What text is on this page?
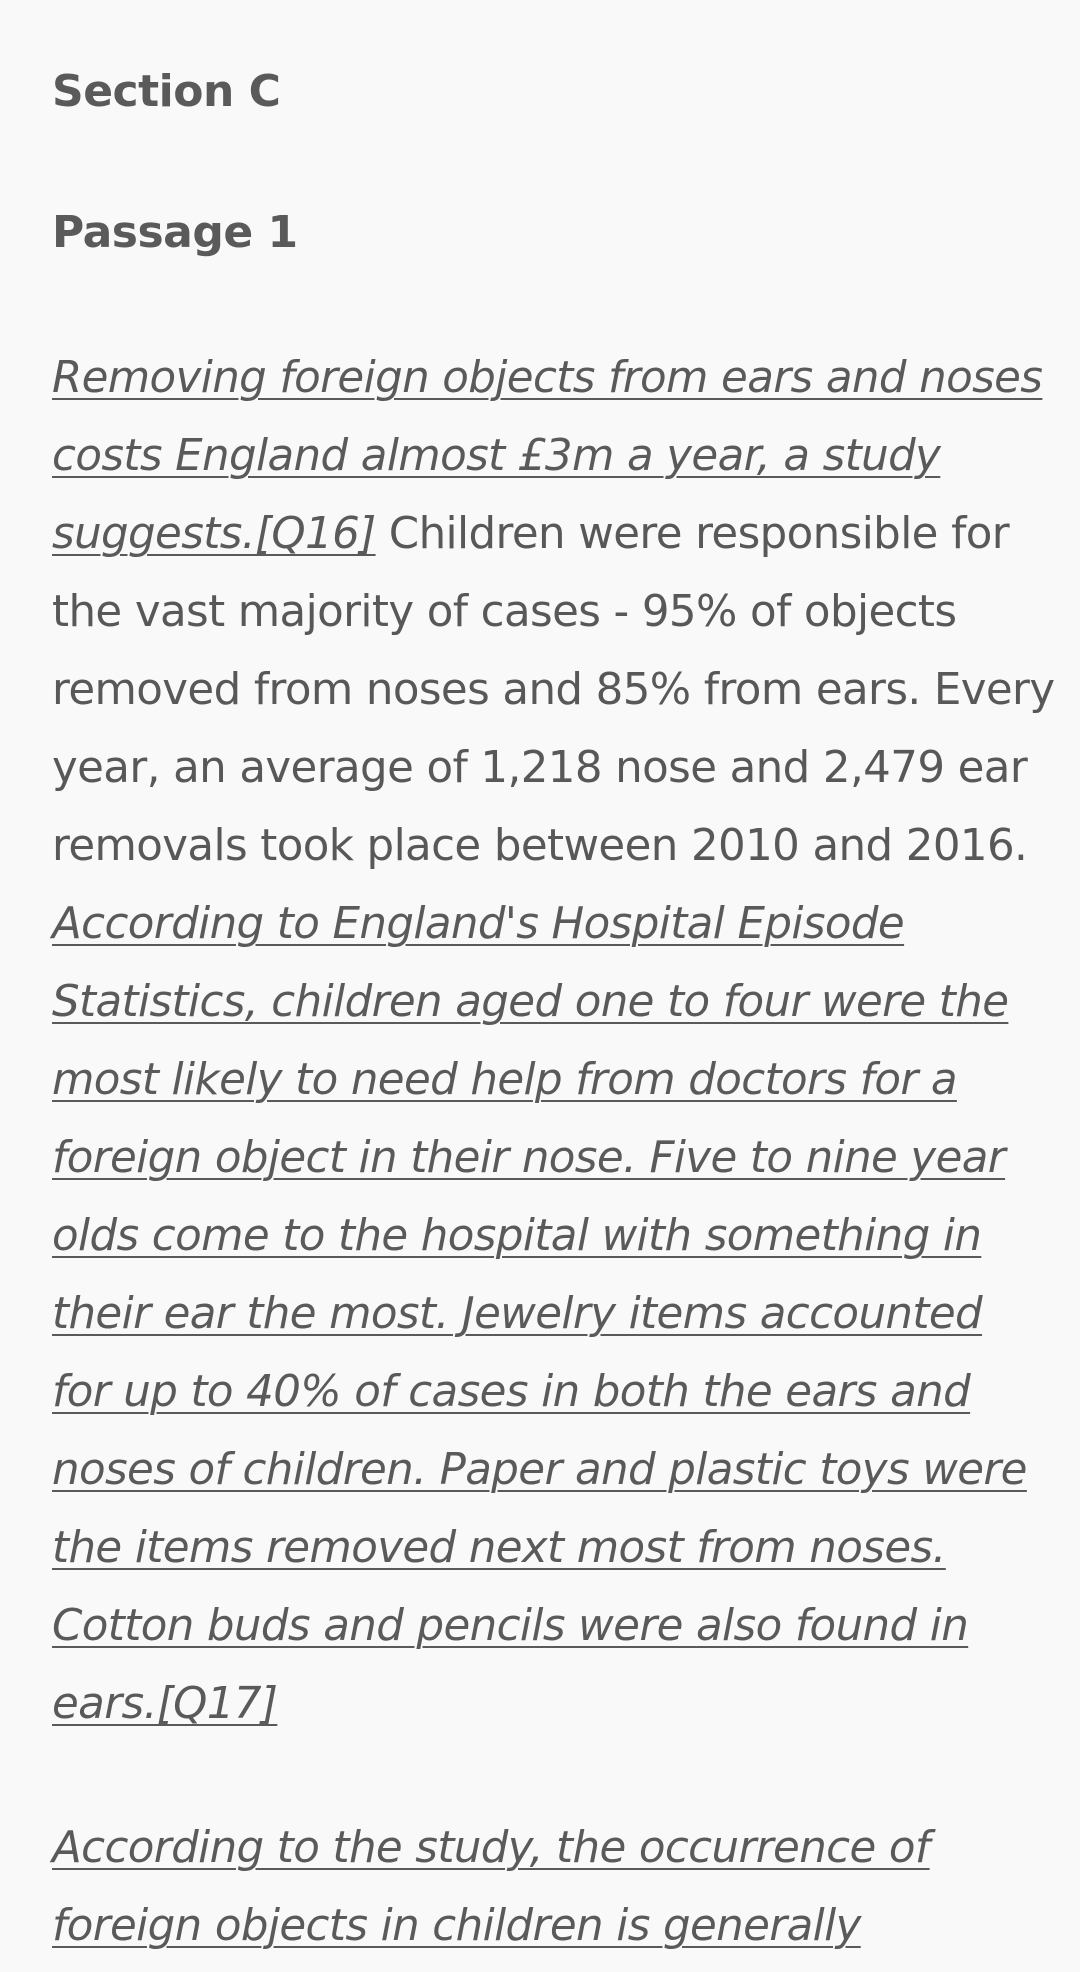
Section C
Passage 1
Removing foreign objects from ears and noses
costs England almost £3m a year, a study
suggests.[Q16] Children were responsible for
the vast majority of cases - 95% of objects
removed from noses and 85% from ears. Every
year, an average of 1,218 nose and 2,479 ear
removals took place between 2010 and 2016.
According to England's Hospital Episode
Statistics, children aged one to four were the
most likely to need help from doctors for a
foreign object in their nose. Five to nine year
olds come to the hospital with something in
their ear the most. Jewelry items accounted
for up to 40% of cases in both the ears and
noses of children. Paper and plastic toys were
the items removed next most from noses.
Cotton buds and pencils were also found in
ears.[Q17]
According to the study, the occurrence of
foreign objects in children is generally
